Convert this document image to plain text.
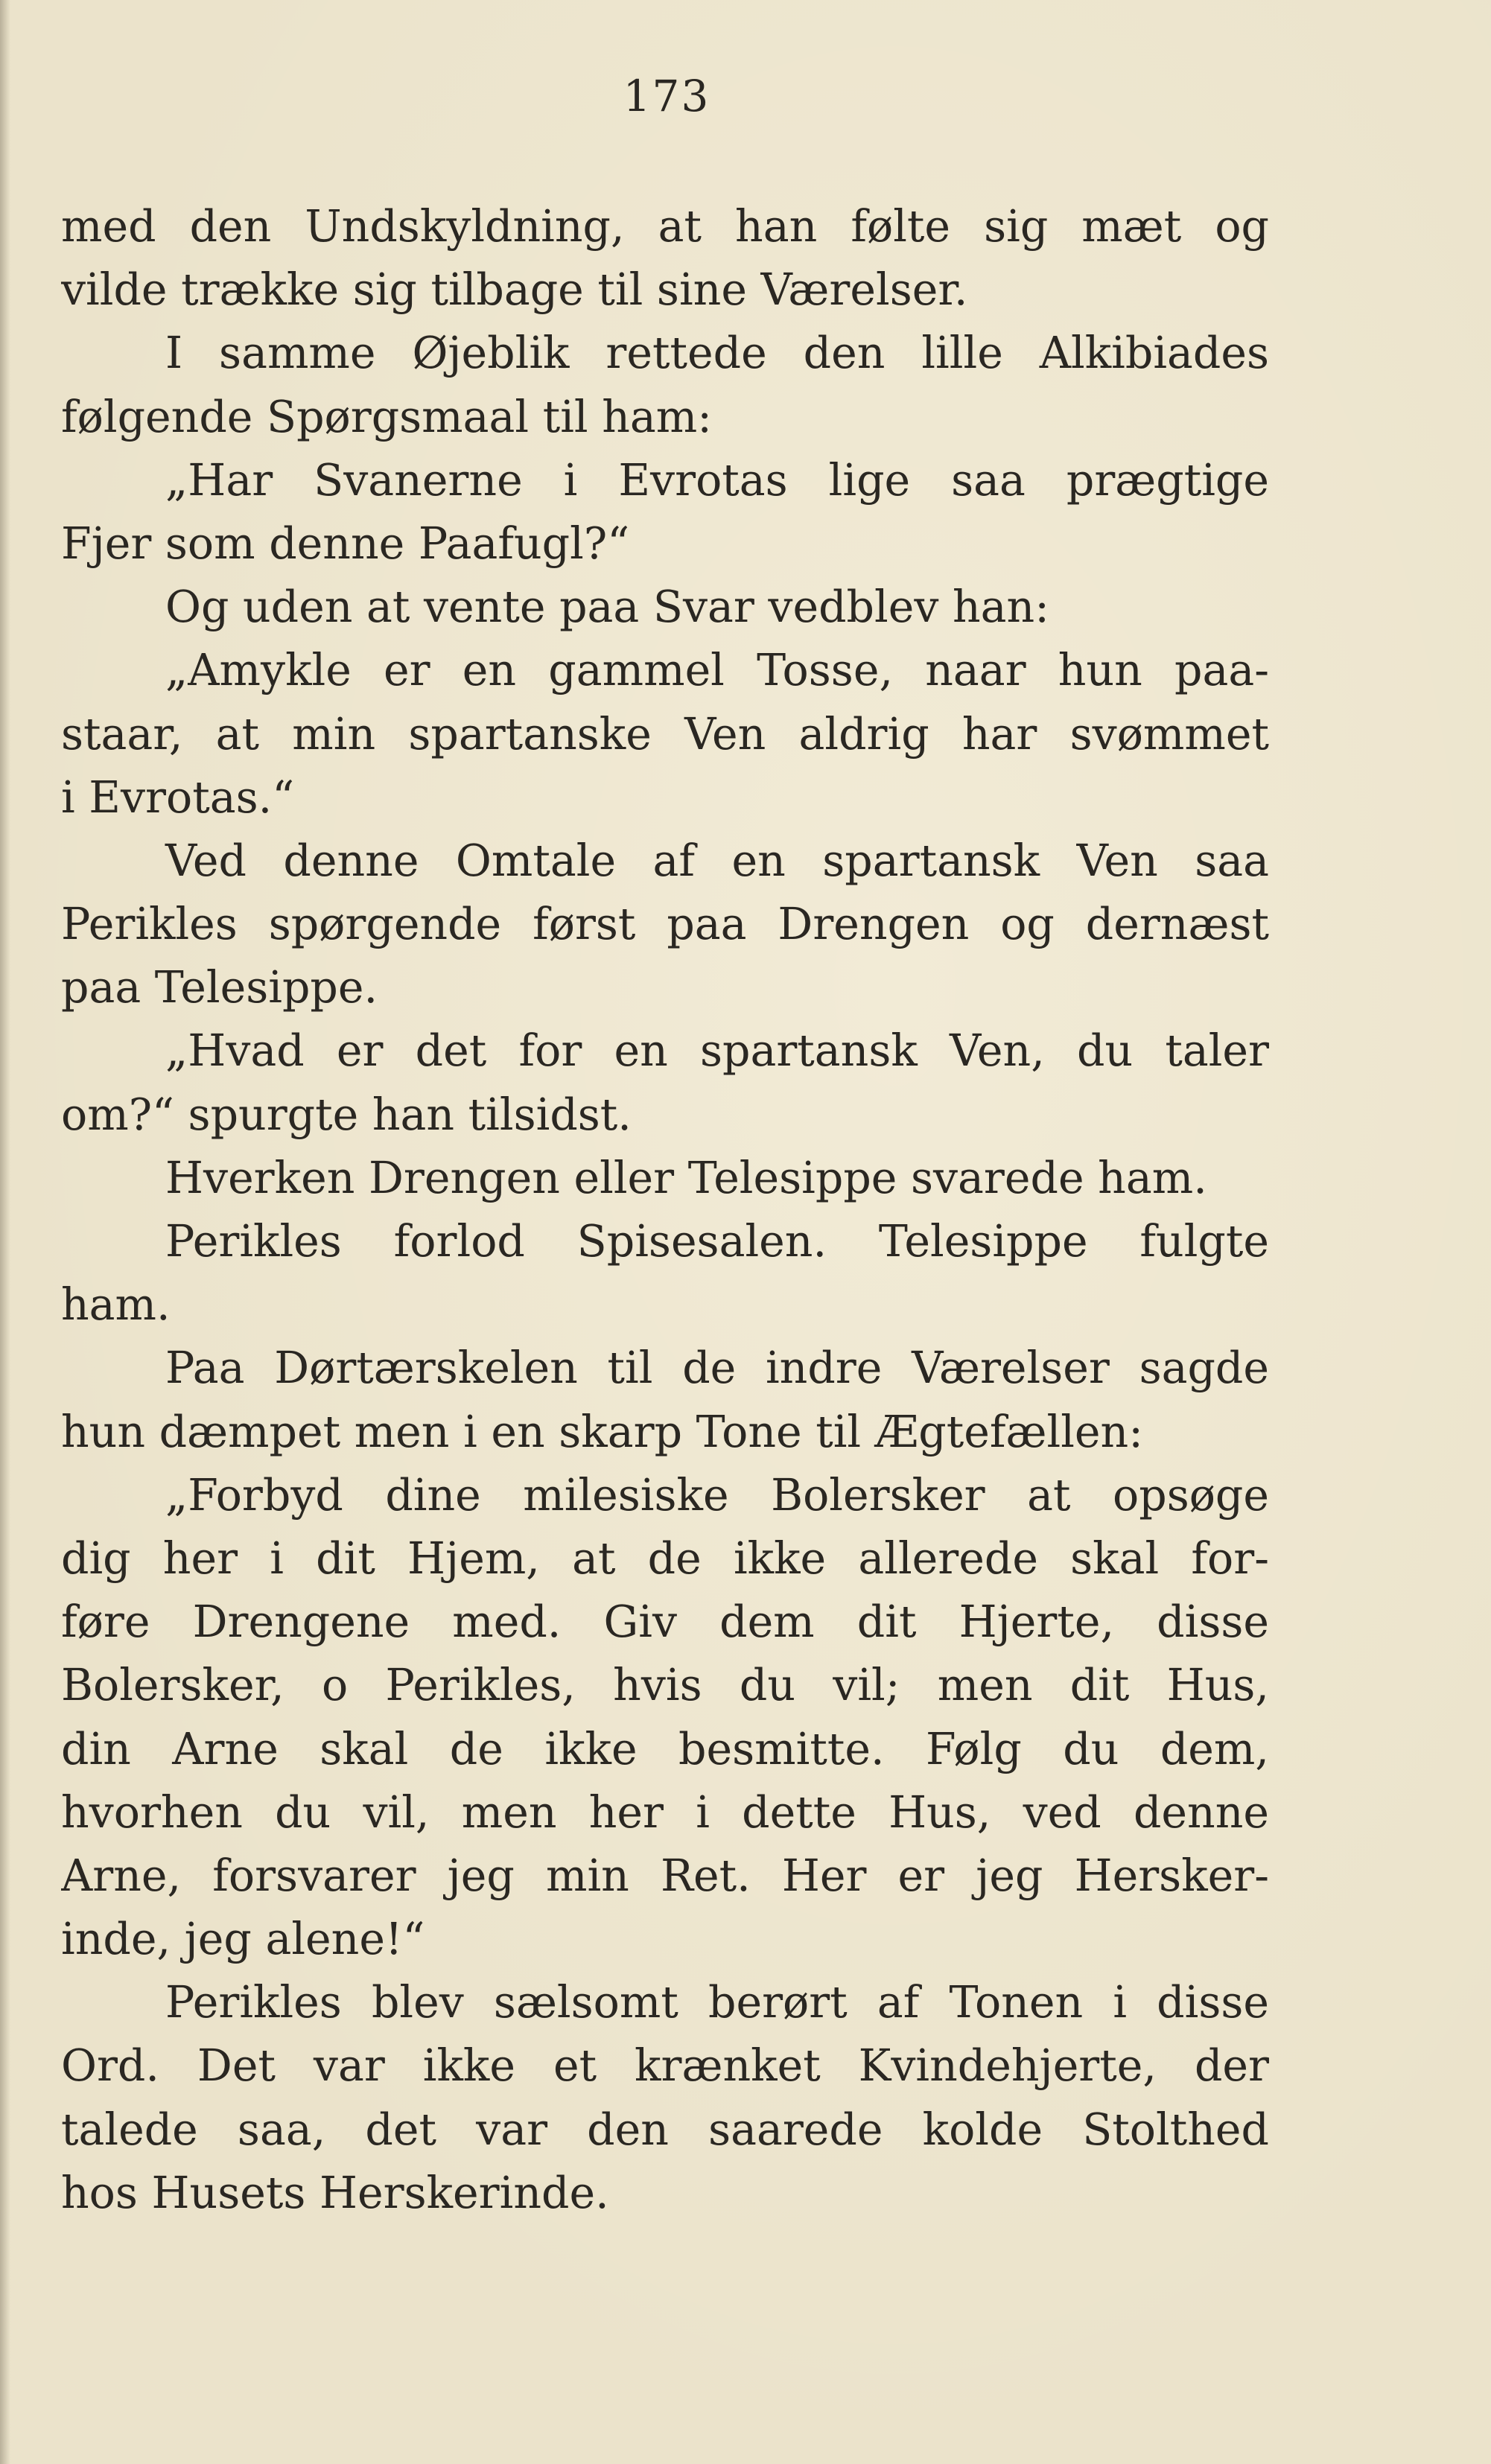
173
med den Undskyldning, at han følte sig mæt og
vilde trække sig tilbage til sine Værelser.
I samme Øjeblik rettede den lille Alkibiades
følgende Spørgsmaal til ham:
„Har Svanerne i Evrotas lige saa prægtige
Fjer som denne Paafugl?“
Og uden at vente paa Svar vedblev han:
„Amykle er en gammel Tosse, naar hun paa-
staar, at min spartanske Ven aldrig har svømmet
i Evrotas.“
Ved denne Omtale af en spartansk Ven saa
Perikles spørgende først paa Drengen og dernæst
paa Telesippe.
„Hvad er det for en spartansk Ven, du taler
om?“ spurgte han tilsidst.
Hverken Drengen eller Telesippe svarede ham.
Perikles forlod Spisesalen. Telesippe fulgte
ham.
Paa Dørtærskelen til de indre Værelser sagde
hun dæmpet men i en skarp Tone til Ægtefællen:
„Forbyd dine milesiske Bolersker at opsøge
dig her i dit Hjem, at de ikke allerede skal for-
føre Drengene med. Giv dem dit Hjerte, disse
Bolersker, o Perikles, hvis du vil; men dit Hus,
din Arne skal de ikke besmitte. Følg du dem,
hvorhen du vil, men her i dette Hus, ved denne
Arne, forsvarer jeg min Ret. Her er jeg Hersker-
inde, jeg alene!“
Perikles blev sælsomt berørt af Tonen i disse
Ord. Det var ikke et krænket Kvindehjerte, der
talede saa, det var den saarede kolde Stolthed
hos Husets Herskerinde.
